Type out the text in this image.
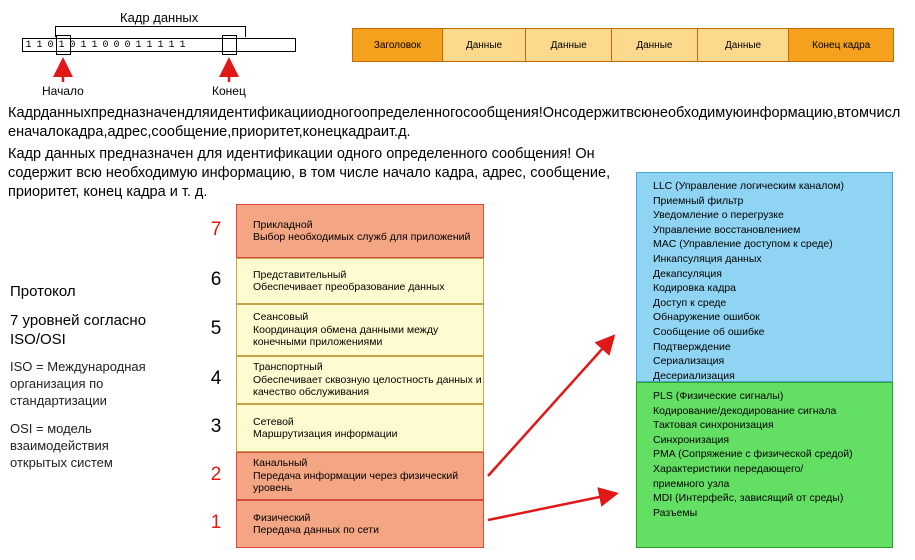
Кадр данных
1 1 0 1 0 1 1 0 0 0 1 1 1 1 1
Начало	Конец
Заголовок	Данные	Данные	Данные	Данные	Конец кадра
Кадрданныхпредназначендляидентификацииодногоопределенногосообщения!Онсодержитвсюнеобходимуюинформацию,втомчисленачалокадра,адрес,сообщение,приоритет,конецкадраит.д.
Кадр данных предназначен для идентификации одного определенного сообщения! Он содержит всю необходимую информацию, в том числе начало кадра, адрес, сообщение, приоритет, конец кадра и т. д.
Протокол
7 уровней согласно ISO/OSI
ISO = Международная организация по стандартизации
OSI = модель взаимодействия открытых систем
Прикладной
Выбор необходимых служб для приложений
7
Представительный
Обеспечивает преобразование данных
6
Сеансовый
Координация обмена данными между конечными приложениями
5
Транспортный
Обеспечивает сквозную целостность данных и качество обслуживания
4
Сетевой
Маршрутизация информации
3
Канальный
Передача информации через физический уровень
2
Физический
Передача данных по сети
1
LLC (Управление логическим каналом)
Приемный фильтр
Уведомление о перегрузке
Управление восстановлением
MAC (Управление доступом к среде)
Инкапсуляция данных
Декапсуляция
Кодировка кадра
Доступ к среде
Обнаружение ошибок
Сообщение об ошибке
Подтверждение
Сериализация
Десериализация
PLS (Физические сигналы)
Кодирование/декодирование сигнала
Тактовая синхронизация
Синхронизация
PMA (Сопряжение с физической средой)
Характеристики передающего/
приемного узла
MDI (Интерфейс, зависящий от среды)
Разъемы
